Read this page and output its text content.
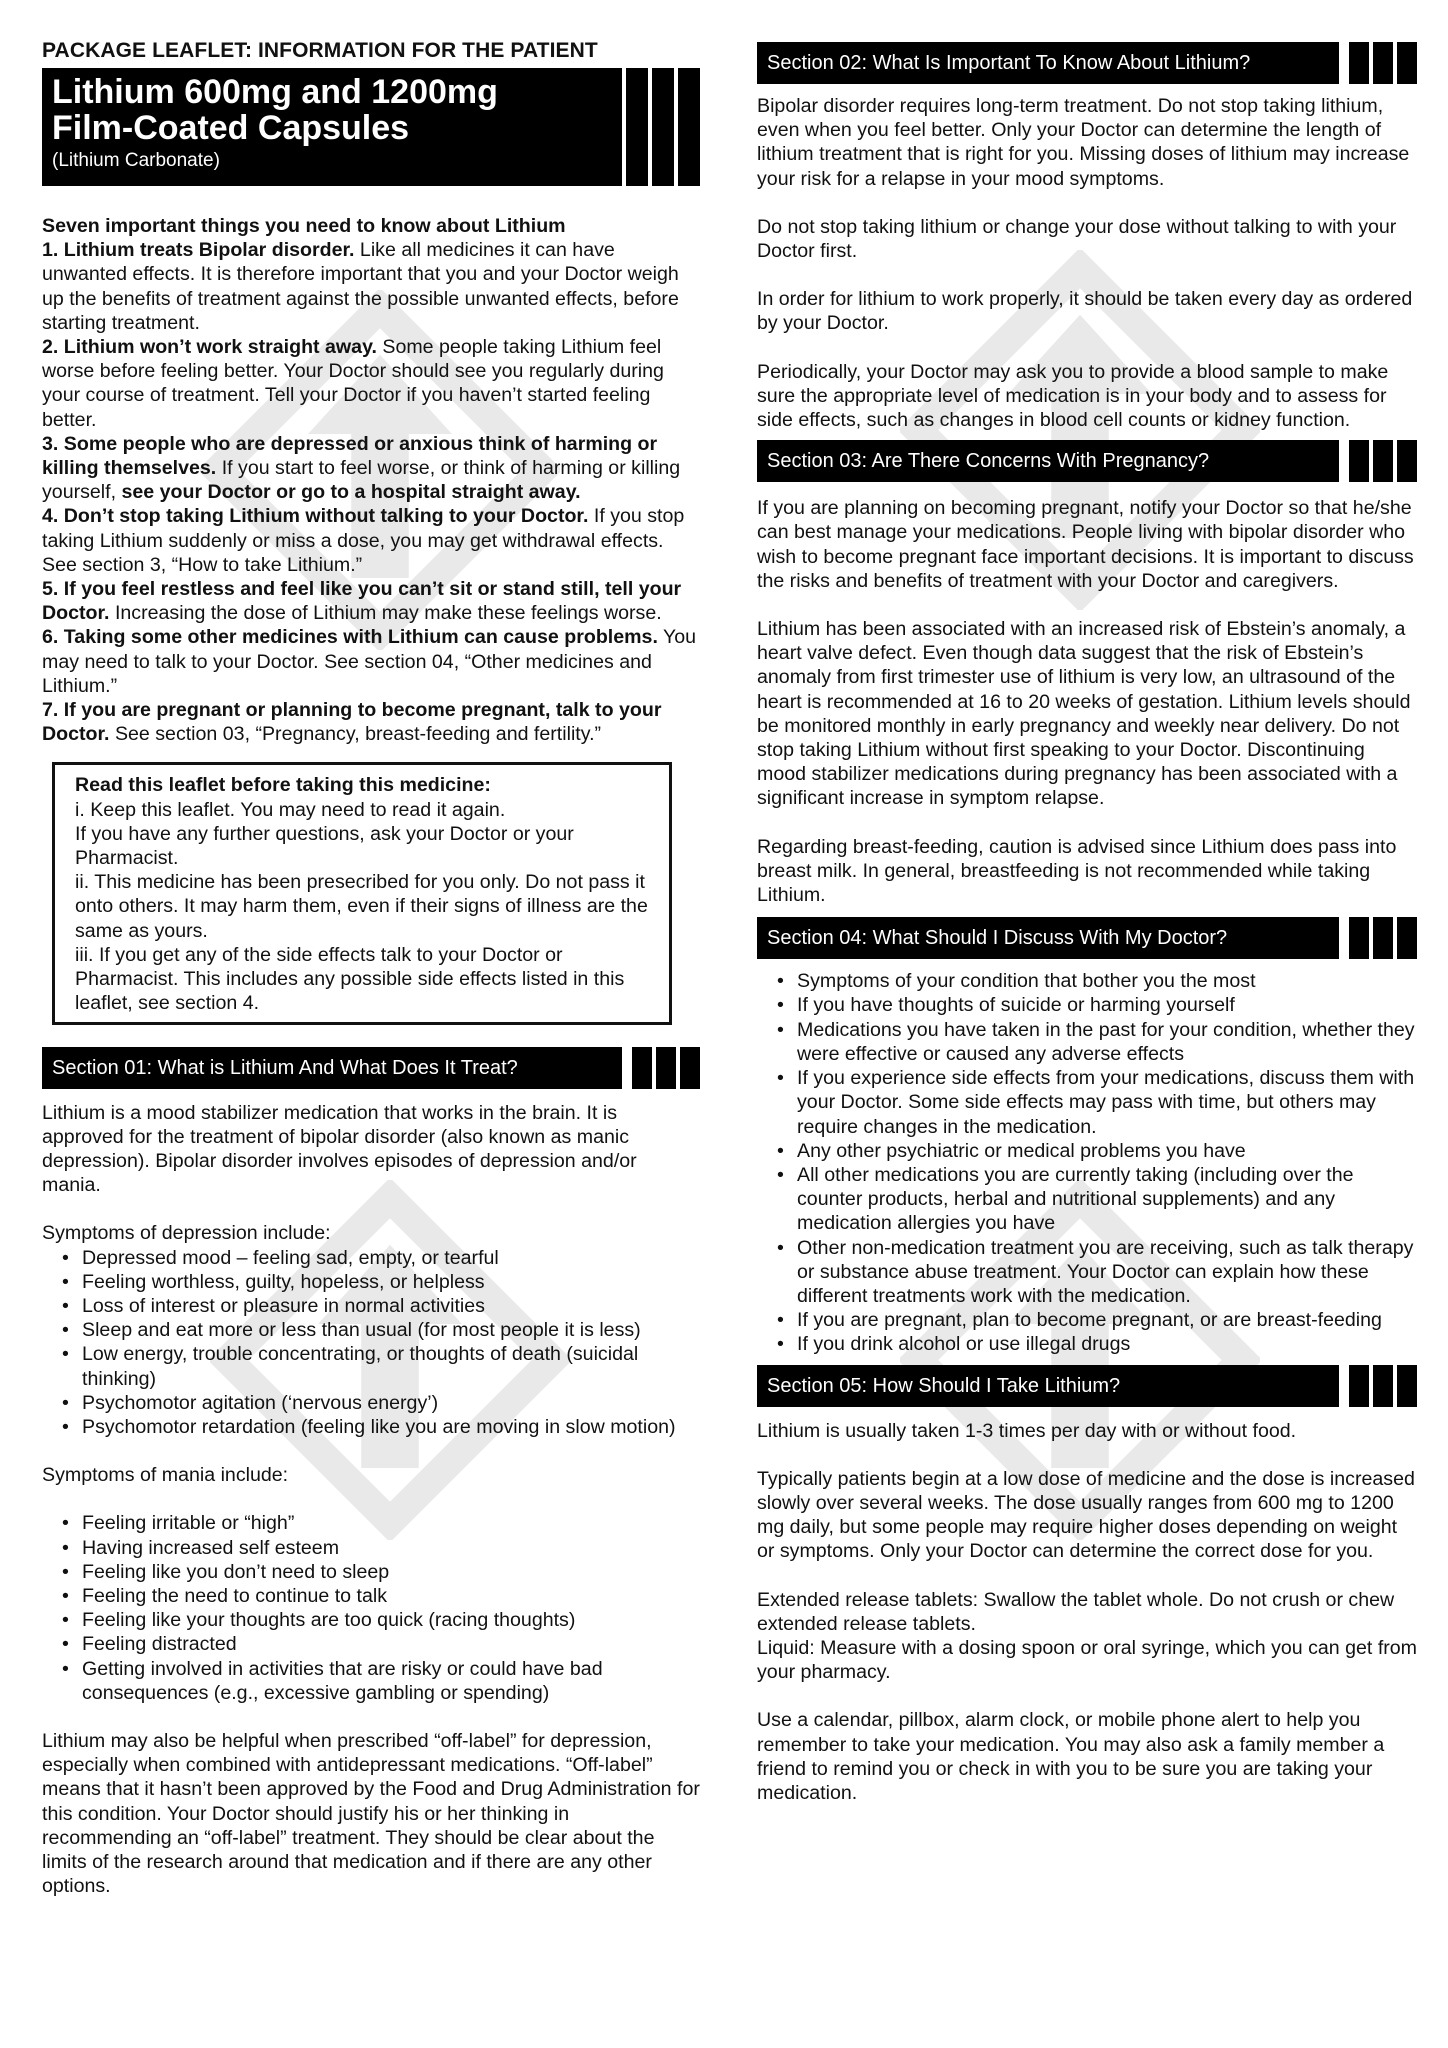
PACKAGE LEAFLET: INFORMATION FOR THE PATIENT
Lithium 600mg and 1200mg
Film-Coated Capsules
(Lithium Carbonate)
Seven important things you need to know about Lithium
1. Lithium treats Bipolar disorder. Like all medicines it can have unwanted effects. It is therefore important that you and your Doctor weigh up the benefits of treatment against the possible unwanted effects, before starting treatment.
2. Lithium won’t work straight away. Some people taking Lithium feel worse before feeling better. Your Doctor should see you regularly during your course of treatment. Tell your Doctor if you haven’t started feeling better.
3. Some people who are depressed or anxious think of harming or killing themselves. If you start to feel worse, or think of harming or killing yourself, see your Doctor or go to a hospital straight away.
4. Don’t stop taking Lithium without talking to your Doctor. If you stop taking Lithium suddenly or miss a dose, you may get withdrawal effects. See section 3, “How to take Lithium.”
5. If you feel restless and feel like you can’t sit or stand still, tell your Doctor. Increasing the dose of Lithium may make these feelings worse.
6. Taking some other medicines with Lithium can cause problems. You may need to talk to your Doctor. See section 04, “Other medicines and Lithium.”
7. If you are pregnant or planning to become pregnant, talk to your Doctor. See section 03, “Pregnancy, breast-feeding and fertility.”
Read this leaflet before taking this medicine:
i. Keep this leaflet. You may need to read it again.
If you have any further questions, ask your Doctor or your Pharmacist.
ii. This medicine has been presecribed for you only. Do not pass it onto others. It may harm them, even if their signs of illness are the same as yours.
iii. If you get any of the side effects talk to your Doctor or Pharmacist. This includes any possible side effects listed in this leaflet, see section 4.
Section 01: What is Lithium And What Does It Treat?
Lithium is a mood stabilizer medication that works in the brain. It is approved for the treatment of bipolar disorder (also known as manic depression). Bipolar disorder involves episodes of depression and/or mania.
Symptoms of depression include:
• Depressed mood – feeling sad, empty, or tearful
• Feeling worthless, guilty, hopeless, or helpless
• Loss of interest or pleasure in normal activities
• Sleep and eat more or less than usual (for most people it is less)
• Low energy, trouble concentrating, or thoughts of death (suicidal thinking)
• Psychomotor agitation (‘nervous energy’)
• Psychomotor retardation (feeling like you are moving in slow motion)
Symptoms of mania include:
• Feeling irritable or “high”
• Having increased self esteem
• Feeling like you don’t need to sleep
• Feeling the need to continue to talk
• Feeling like your thoughts are too quick (racing thoughts)
• Feeling distracted
• Getting involved in activities that are risky or could have bad consequences (e.g., excessive gambling or spending)
Lithium may also be helpful when prescribed “off-label” for depression, especially when combined with antidepressant medications. “Off-label” means that it hasn’t been approved by the Food and Drug Administration for this condition. Your Doctor should justify his or her thinking in recommending an “off-label” treatment. They should be clear about the limits of the research around that medication and if there are any other options.
Section 02: What Is Important To Know About Lithium?
Bipolar disorder requires long-term treatment. Do not stop taking lithium, even when you feel better. Only your Doctor can determine the length of lithium treatment that is right for you. Missing doses of lithium may increase your risk for a relapse in your mood symptoms.
Do not stop taking lithium or change your dose without talking to with your Doctor first.
In order for lithium to work properly, it should be taken every day as ordered by your Doctor.
Periodically, your Doctor may ask you to provide a blood sample to make sure the appropriate level of medication is in your body and to assess for side effects, such as changes in blood cell counts or kidney function.
Section 03: Are There Concerns With Pregnancy?
If you are planning on becoming pregnant, notify your Doctor so that he/she can best manage your medications. People living with bipolar disorder who wish to become pregnant face important decisions. It is important to discuss the risks and benefits of treatment with your Doctor and caregivers.
Lithium has been associated with an increased risk of Ebstein’s anomaly, a heart valve defect. Even though data suggest that the risk of Ebstein’s anomaly from first trimester use of lithium is very low, an ultrasound of the heart is recommended at 16 to 20 weeks of gestation. Lithium levels should be monitored monthly in early pregnancy and weekly near delivery. Do not stop taking Lithium without first speaking to your Doctor. Discontinuing mood stabilizer medications during pregnancy has been associated with a significant increase in symptom relapse.
Regarding breast-feeding, caution is advised since Lithium does pass into breast milk. In general, breastfeeding is not recommended while taking Lithium.
Section 04: What Should I Discuss With My Doctor?
• Symptoms of your condition that bother you the most
• If you have thoughts of suicide or harming yourself
• Medications you have taken in the past for your condition, whether they were effective or caused any adverse effects
• If you experience side effects from your medications, discuss them with your Doctor. Some side effects may pass with time, but others may require changes in the medication.
• Any other psychiatric or medical problems you have
• All other medications you are currently taking (including over the counter products, herbal and nutritional supplements) and any medication allergies you have
• Other non-medication treatment you are receiving, such as talk therapy or substance abuse treatment. Your Doctor can explain how these different treatments work with the medication.
• If you are pregnant, plan to become pregnant, or are breast-feeding
• If you drink alcohol or use illegal drugs
Section 05: How Should I Take Lithium?
Lithium is usually taken 1-3 times per day with or without food.
Typically patients begin at a low dose of medicine and the dose is increased slowly over several weeks. The dose usually ranges from 600 mg to 1200 mg daily, but some people may require higher doses depending on weight or symptoms. Only your Doctor can determine the correct dose for you.
Extended release tablets: Swallow the tablet whole. Do not crush or chew extended release tablets.
Liquid: Measure with a dosing spoon or oral syringe, which you can get from your pharmacy.
Use a calendar, pillbox, alarm clock, or mobile phone alert to help you remember to take your medication. You may also ask a family member a friend to remind you or check in with you to be sure you are taking your medication.
